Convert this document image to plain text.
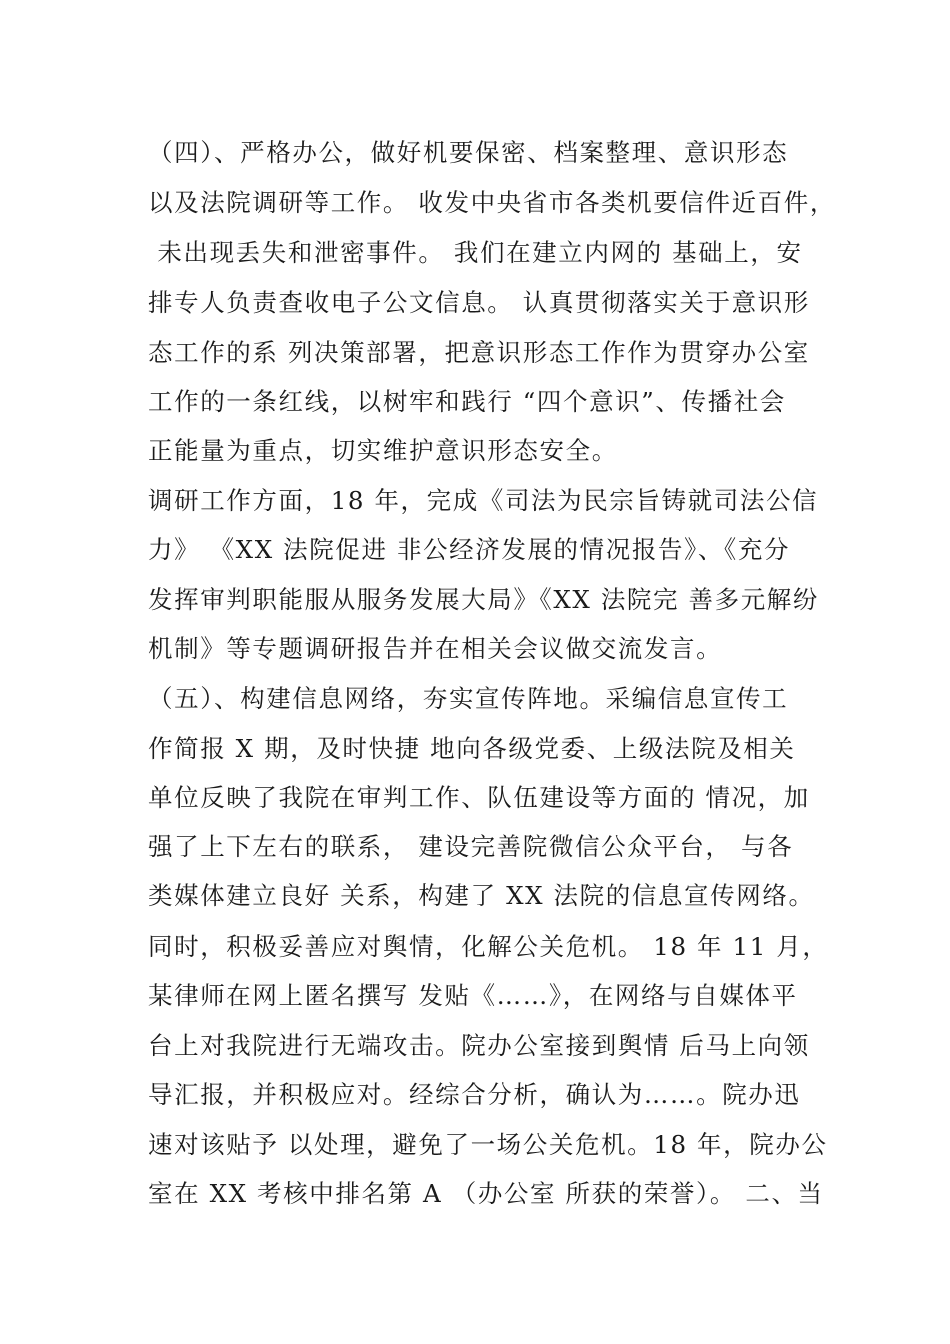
（四）、严格办公，做好机要保密、档案整理、意识形态
以及法院调研等工作。 收发中央省市各类机要信件近百件，
未出现丢失和泄密事件。 我们在建立内网的 基础上，安
排专人负责查收电子公文信息。 认真贯彻落实关于意识形
态工作的系 列决策部署，把意识形态工作作为贯穿办公室
工作的一条红线，以树牢和践行 “四个意识”、传播社会
正能量为重点，切实维护意识形态安全。
调研工作方面，18 年，完成《司法为民宗旨铸就司法公信
力》 《XX 法院促进 非公经济发展的情况报告》、《充分
发挥审判职能服从服务发展大局》《XX 法院完 善多元解纷
机制》等专题调研报告并在相关会议做交流发言。
（五）、构建信息网络，夯实宣传阵地。采编信息宣传工
作简报 X 期，及时快捷 地向各级党委、上级法院及相关
单位反映了我院在审判工作、队伍建设等方面的 情况，加
强了上下左右的联系， 建设完善院微信公众平台， 与各
类媒体建立良好 关系，构建了 XX 法院的信息宣传网络。
同时，积极妥善应对舆情，化解公关危机。 18 年 11 月，
某律师在网上匿名撰写 发贴《……》，在网络与自媒体平
台上对我院进行无端攻击。院办公室接到舆情 后马上向领
导汇报，并积极应对。经综合分析，确认为……。院办迅
速对该贴予 以处理，避免了一场公关危机。18 年，院办公
室在 XX 考核中排名第 A （办公室 所获的荣誉）。 二、当
